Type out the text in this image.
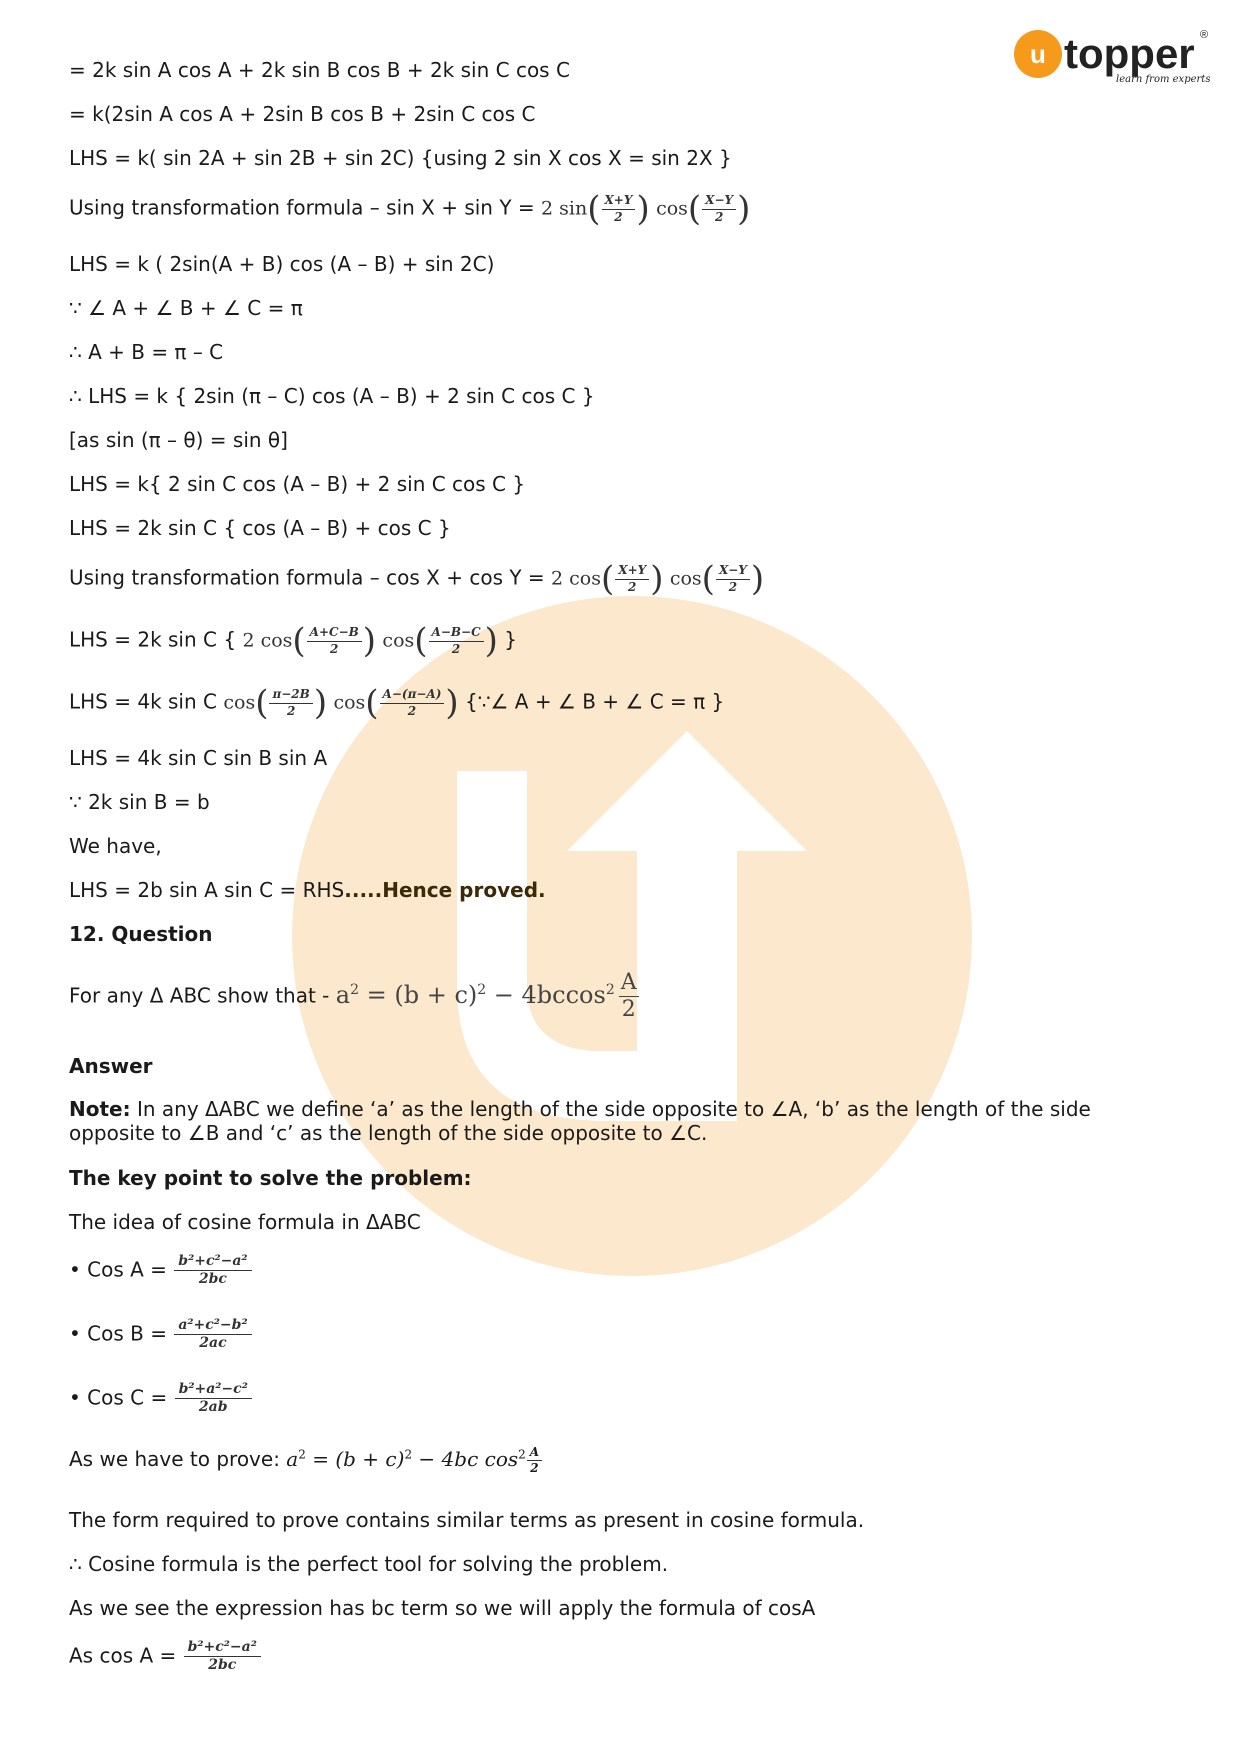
u topper ®
learn from experts
= 2k sin A cos A + 2k sin B cos B + 2k sin C cos C
= k(2sin A cos A + 2sin B cos B + 2sin C cos C
LHS = k( sin 2A + sin 2B + sin 2C) {using 2 sin X cos X = sin 2X }
Using transformation formula – sin X + sin Y = 2 $\sin( \frac{X+Y}{2}$ ) $\cos( \frac{X-Y}{2}$ )
LHS = k ( 2sin(A + B) cos (A – B) + sin 2C)
∵ ∠ A + ∠ B + ∠ C = π
∴ A + B = π – C
∴ LHS = k { 2sin (π – C) cos (A – B) + 2 sin C cos C }
[as sin (π – θ) = sin θ]
LHS = k{ 2 sin C cos (A – B) + 2 sin C cos C }
LHS = 2k sin C { cos (A – B) + cos C }
Using transformation formula – cos X + cos Y = 2 $\cos( \frac{X+Y}{2}$ ) $\cos( \frac{X-Y}{2}$ )
LHS = 2k sin C { 2 $\cos( \frac{A+C-B}{2}$ ) $\cos( \frac{A-B-C}{2}$ ) }
LHS = 4k sin C $\cos( \frac{\pi-2B}{2}$ ) $\cos( \frac{A-(\pi-A)}{2}$ ) {∵∠ A + ∠ B + ∠ C = π }
LHS = 4k sin C sin B sin A
∵ 2k sin B = b
We have,
LHS = 2b sin A sin C = RHS.....Hence proved.
12. Question
For any Δ ABC show that - $a^2 = (b + c)^2 - 4bccos^2 \frac{A}{2}$
Answer
Note: In any ΔABC we define ‘a’ as the length of the side opposite to ∠A, ‘b’ as the length of the side opposite to ∠B and ‘c’ as the length of the side opposite to ∠C.
The key point to solve the problem:
The idea of cosine formula in ΔABC
• Cos $A = \frac{\text{b²+c²−a²}}{2bc}$
• Cos $B = \frac{\text{a²+c²−b²}}{2ac}$
• Cos $C = \frac{\text{b²+a²−c²}}{2ab}$
As we have to prove: $a^2 = (b + c)^2 - 4bc$ $\cos^2 \frac{A}{2}$
The form required to prove contains similar terms as present in cosine formula.
∴ Cosine formula is the perfect tool for solving the problem.
As we see the expression has bc term so we will apply the formula of cosA
As $\cos A = \frac{\text{b²+c²−a²}}{2bc}$
